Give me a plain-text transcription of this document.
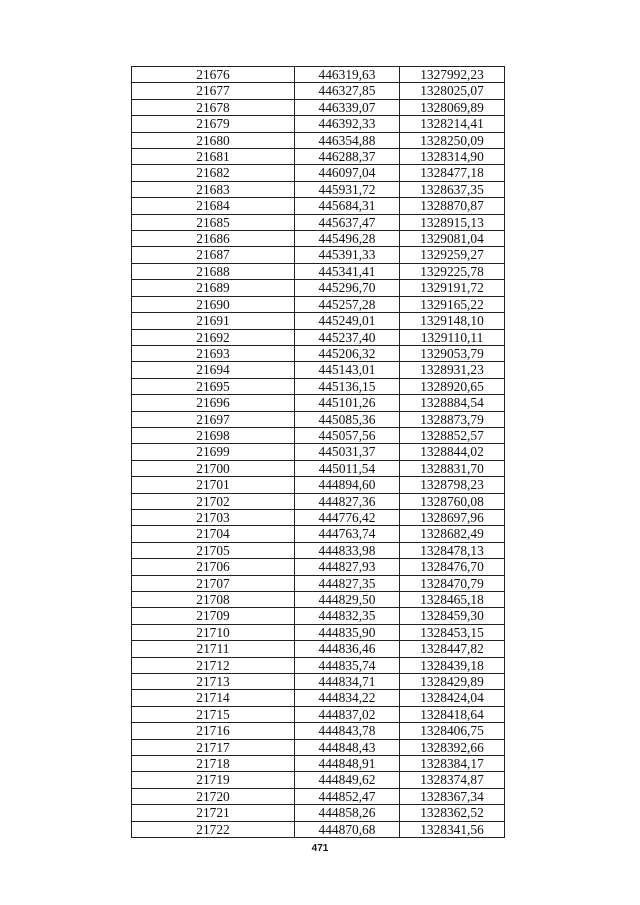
21676	446319,63	1327992,23
21677	446327,85	1328025,07
21678	446339,07	1328069,89
21679	446392,33	1328214,41
21680	446354,88	1328250,09
21681	446288,37	1328314,90
21682	446097,04	1328477,18
21683	445931,72	1328637,35
21684	445684,31	1328870,87
21685	445637,47	1328915,13
21686	445496,28	1329081,04
21687	445391,33	1329259,27
21688	445341,41	1329225,78
21689	445296,70	1329191,72
21690	445257,28	1329165,22
21691	445249,01	1329148,10
21692	445237,40	1329110,11
21693	445206,32	1329053,79
21694	445143,01	1328931,23
21695	445136,15	1328920,65
21696	445101,26	1328884,54
21697	445085,36	1328873,79
21698	445057,56	1328852,57
21699	445031,37	1328844,02
21700	445011,54	1328831,70
21701	444894,60	1328798,23
21702	444827,36	1328760,08
21703	444776,42	1328697,96
21704	444763,74	1328682,49
21705	444833,98	1328478,13
21706	444827,93	1328476,70
21707	444827,35	1328470,79
21708	444829,50	1328465,18
21709	444832,35	1328459,30
21710	444835,90	1328453,15
21711	444836,46	1328447,82
21712	444835,74	1328439,18
21713	444834,71	1328429,89
21714	444834,22	1328424,04
21715	444837,02	1328418,64
21716	444843,78	1328406,75
21717	444848,43	1328392,66
21718	444848,91	1328384,17
21719	444849,62	1328374,87
21720	444852,47	1328367,34
21721	444858,26	1328362,52
21722	444870,68	1328341,56
471
